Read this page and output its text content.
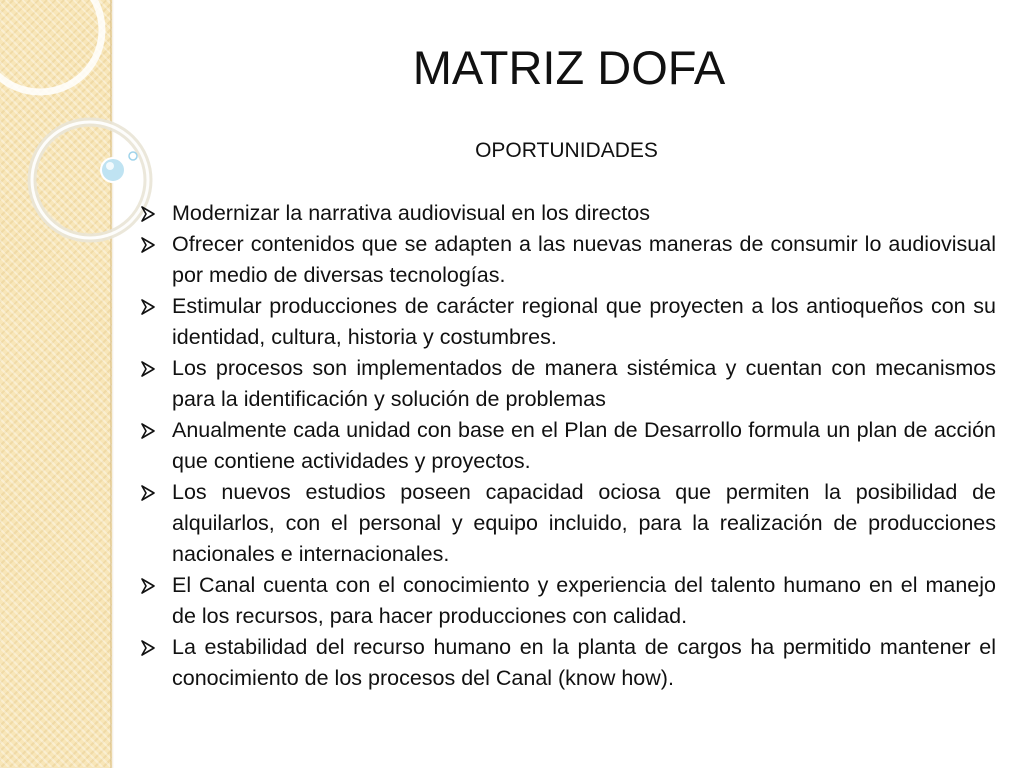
MATRIZ DOFA
OPORTUNIDADES
Modernizar la narrativa audiovisual en los directos
Ofrecer contenidos que se adapten a las nuevas maneras de consumir lo audiovisual por medio de diversas tecnologías.
Estimular producciones de carácter regional que proyecten a los antioqueños con su identidad, cultura, historia y costumbres.
Los procesos son implementados de manera sistémica y cuentan con mecanismos para la identificación y solución de problemas
Anualmente cada unidad con base en el Plan de Desarrollo formula un plan de acción que contiene actividades y proyectos.
Los nuevos estudios poseen capacidad ociosa que permiten la posibilidad de alquilarlos, con el personal y equipo incluido, para la realización de producciones nacionales e internacionales.
El Canal cuenta con el conocimiento y experiencia del talento humano en el manejo de los recursos, para hacer producciones con calidad.
La estabilidad del recurso humano en la planta de cargos ha permitido mantener el conocimiento de los procesos del Canal (know how).
